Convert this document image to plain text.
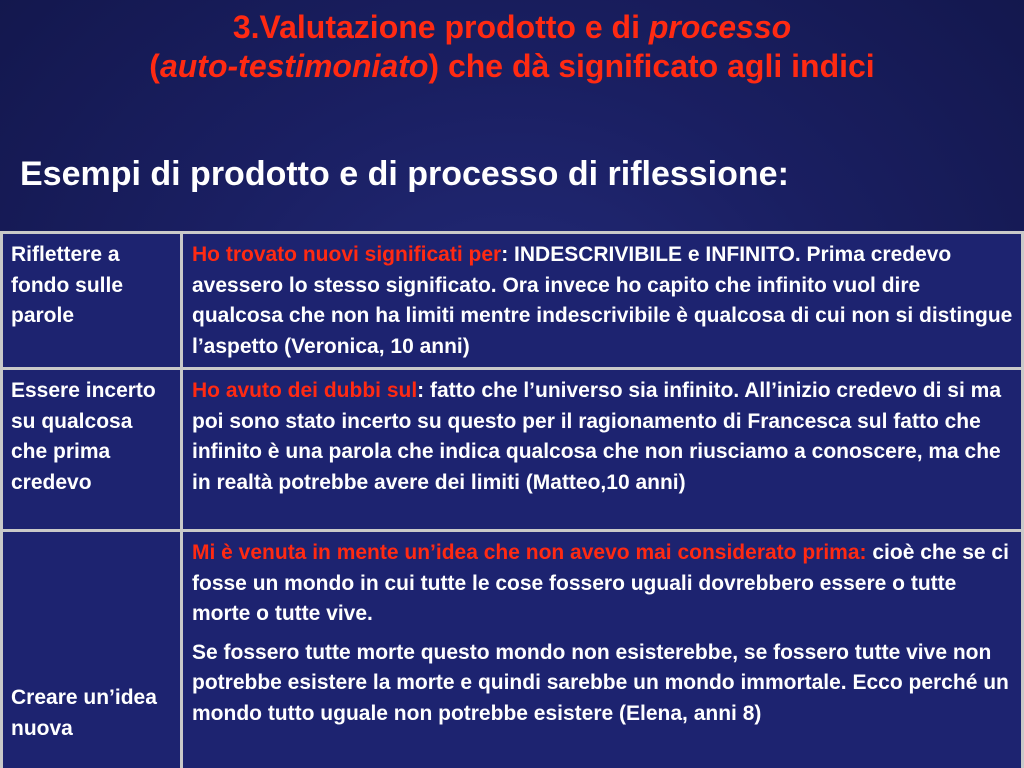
3.Valutazione prodotto e di processo
(auto-testimoniato) che dà significato agli indici
Esempi di prodotto e di processo di riflessione:
Riflettere a fondo sulle parole
Ho trovato nuovi significati per: INDESCRIVIBILE e INFINITO. Prima credevo avessero lo stesso significato. Ora invece ho capito che infinito vuol dire qualcosa che non ha limiti mentre indescrivibile è qualcosa di cui non si distingue l’aspetto (Veronica, 10 anni)
Essere incerto su qualcosa che prima credevo
Ho avuto dei dubbi sul: fatto che l’universo sia infinito. All’inizio credevo di si ma poi sono stato incerto su questo per il ragionamento di Francesca sul fatto che infinito è una parola che indica qualcosa che non riusciamo a conoscere, ma che in realtà potrebbe avere dei limiti (Matteo,10 anni)
Creare un’idea nuova
Mi è venuta in mente un’idea che non avevo mai considerato prima: cioè che se ci fosse un mondo in cui tutte le cose fossero uguali dovrebbero essere o tutte morte o tutte vive.
Se fossero tutte morte questo mondo non esisterebbe, se fossero tutte vive non potrebbe esistere la morte e quindi sarebbe un mondo immortale. Ecco perché un mondo tutto uguale non potrebbe esistere (Elena, anni 8)
